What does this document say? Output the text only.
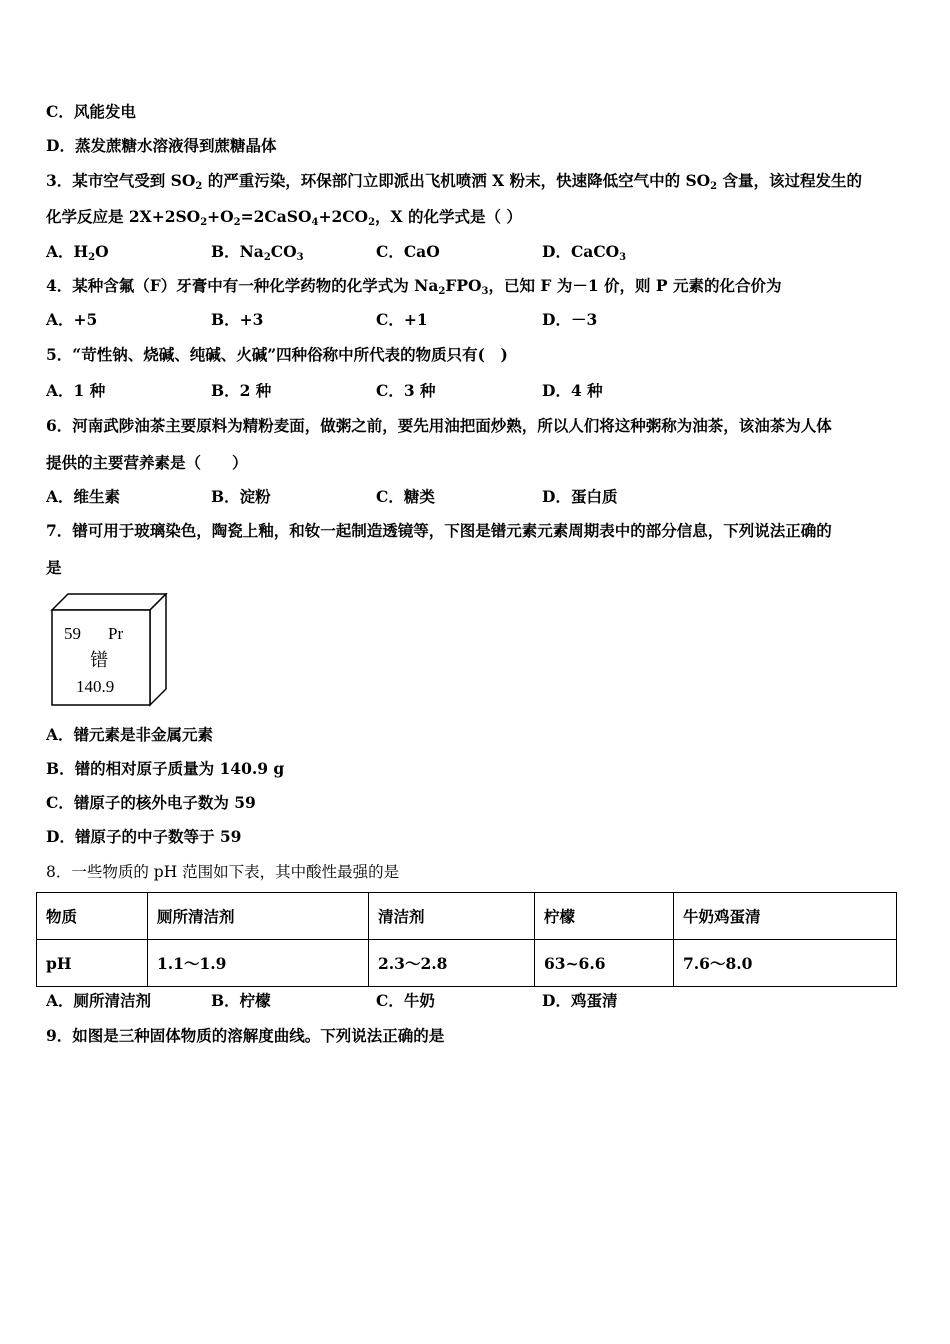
C．风能发电
D．蒸发蔗糖水溶液得到蔗糖晶体
3．某市空气受到 $SO_2$ 的严重污染，环保部门立即派出飞机喷洒 X 粉末，快速降低空气中的 $SO_2$ 含量，该过程发生的
化学反应是 $2X+2SO_2+O_2=2CaSO_4+2CO_2$，X 的化学式是（ ）
A．$H_2O$	B．$Na_2CO_3$	C．CaO	D．CaCO$_3$
4．某种含氟（F）牙膏中有一种化学药物的化学式为 $Na_2FPO_3$，已知 F 为－1 价，则 P 元素的化合价为
A．+5	B．+3	C．+1	D．－3
5．“苛性钠、烧碱、纯碱、火碱”四种俗称中所代表的物质只有(　)
A．1 种	B．2 种	C．3 种	D．4 种
6．河南武陟油茶主要原料为精粉麦面，做粥之前，要先用油把面炒熟，所以人们将这种粥称为油茶，该油茶为人体
提供的主要营养素是（　　）
A．维生素	B．淀粉	C．糖类	D．蛋白质
7．镨可用于玻璃染色，陶瓷上釉，和钕一起制造透镜等，下图是镨元素元素周期表中的部分信息，下列说法正确的
是
59 Pr
镨
140.9
A．镨元素是非金属元素
B．镨的相对原子质量为 140.9 g
C．镨原子的核外电子数为 59
D．镨原子的中子数等于 59
8．一些物质的 pH 范围如下表，其中酸性最强的是
物质	厕所清洁剂	清洁剂	柠檬	牛奶鸡蛋清
pH	1.1～1.9	2.3～2.8	63~6.6	7.6～8.0
A．厕所清洁剂	B．柠檬	C．牛奶	D．鸡蛋清
9．如图是三种固体物质的溶解度曲线。下列说法正确的是
